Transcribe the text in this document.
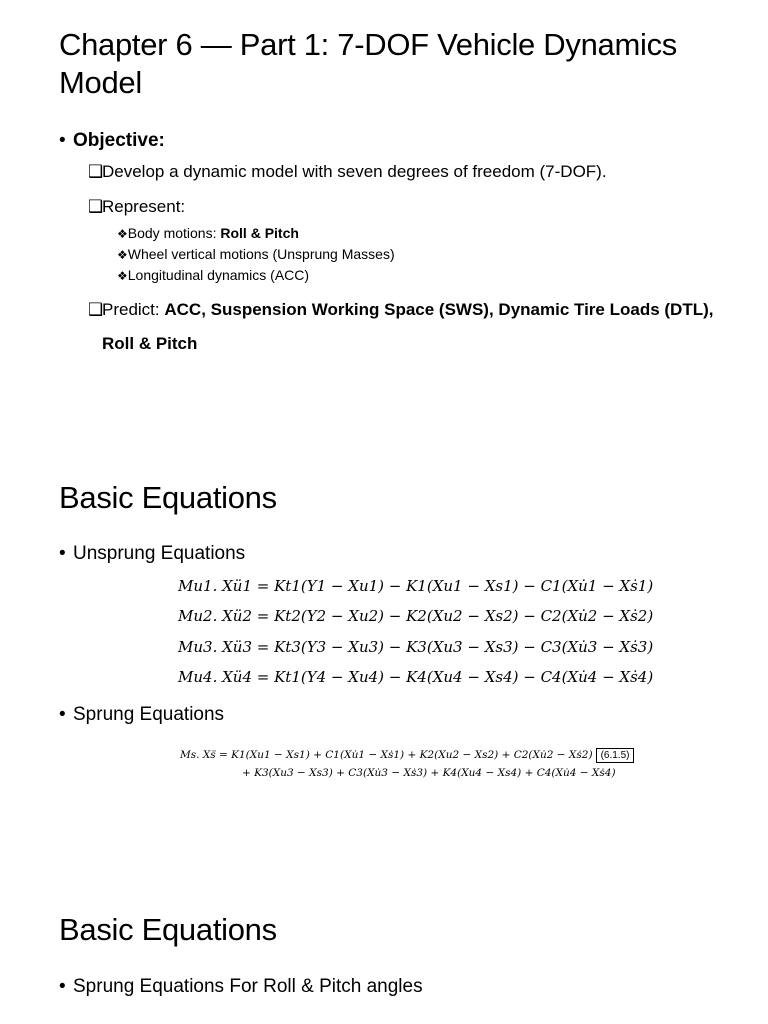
Chapter 6 — Part 1: 7-DOF Vehicle Dynamics Model
• Objective:
❑Develop a dynamic model with seven degrees of freedom (7-DOF).
❑Represent:
❖Body motions: Roll & Pitch
❖Wheel vertical motions (Unsprung Masses)
❖Longitudinal dynamics (ACC)
❑Predict: ACC, Suspension Working Space (SWS), Dynamic Tire Loads (DTL),
Roll & Pitch
Basic Equations
• Unsprung Equations
Mu1. Xü1 = Kt1(Y1 − Xu1) − K1(Xu1 − Xs1) − C1(Xu̇1 − Xṡ1)
Mu2. Xü2 = Kt2(Y2 − Xu2) − K2(Xu2 − Xs2) − C2(Xu̇2 − Xṡ2)
Mu3. Xü3 = Kt3(Y3 − Xu3) − K3(Xu3 − Xs3) − C3(Xu̇3 − Xṡ3)
Mu4. Xü4 = Kt1(Y4 − Xu4) − K4(Xu4 − Xs4) − C4(Xu̇4 − Xṡ4)
• Sprung Equations
Ms. Xs̈ = K1(Xu1 − Xs1) + C1(Xu̇1 − Xṡ1) + K2(Xu2 − Xs2) + C2(Xu̇2 − Xṡ2) (6.1.5)
+ K3(Xu3 − Xs3) + C3(Xu̇3 − Xṡ3) + K4(Xu4 − Xs4) + C4(Xu̇4 − Xṡ4)
Basic Equations
• Sprung Equations For Roll & Pitch angles
